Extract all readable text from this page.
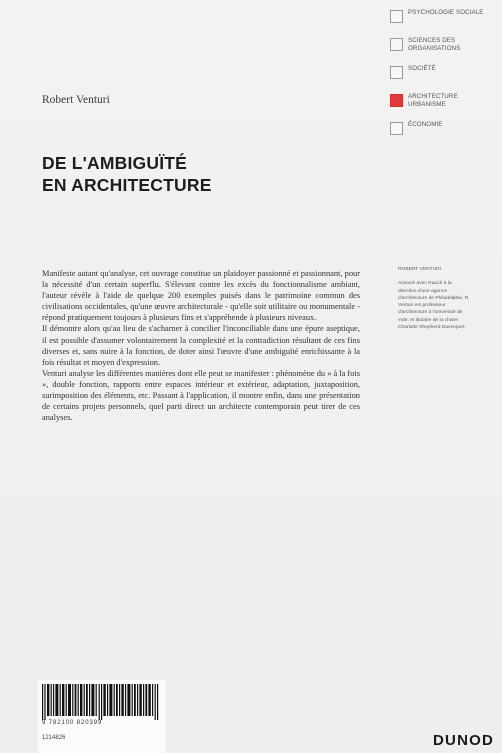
PSYCHOLOGIE SOCIALE
SCIENCES DES ORGANISATIONS
SOCIÉTÉ
ARCHITECTURE URBANISME
ÉCONOMIE
Robert Venturi
DE L'AMBIGUÏTÉ
EN ARCHITECTURE

Manifeste autant qu'analyse, cet ouvrage constitue un plaidoyer passionné et passionnant, pour la nécessité d'un certain superflu. S'élevant contre les excès du fonctionnalisme ambiant, l'auteur révèle à l'aide de quelque 200 exemples puisés dans le patrimoine commun des civilisations occidentales, qu'une œuvre architecturale - qu'elle soit utilitaire ou monumentale - répond pratiquement toujours à plusieurs fins et s'appréhende à plusieurs niveaux.

Il démontre alors qu'au lieu de s'acharner à concilier l'inconciliable dans une épure aseptique, il est possible d'assumer volontairement la complexité et la contradiction résultant de ces fins diverses et, sans nuire à la fonction, de doter ainsi l'œuvre d'une ambiguïté enrichissante à la fois résultat et moyen d'expression.

Venturi analyse les différentes manières dont elle peut se manifester : phénomène du « à la fois », double fonction, rapports entre espaces intérieur et extérieur, adaptation, juxtaposition, surimposition des éléments, etc. Passant à l'application, il montre enfin, dans une présentation de certains projets personnels, quel parti direct un architecte contemporain peut tirer de ces analyses.

ROBERT VENTURI
Associé avec Rauch à la direction d'une agence d'architecture de Philadelphie, R. Venturi est professeur d'architecture à l'université de Yale, et titulaire de la chaire Charlotte Shepherd Davenport.
9 782100 820399
1214826	DUNOD
